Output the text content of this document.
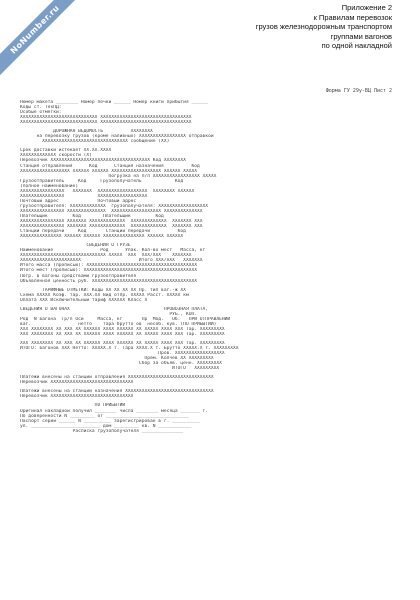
NoNumber.ru	Приложение 2
к Правилам перевозок
грузов железнодорожным транспортом
группами вагонов
по одной накладной
Форма ГУ 29у-ВЦ Лист 2
Номер макета ________ Номер печки ______ Номер книги прибытия ______
Коды ст. ТехПД:
Особые отметки:
ХХХХХХХХХХХХХХХХХХХХХХХХХХХХ ХХХХХХХХХХХХХХХХХХХХХХХХХХХХХХХХХ
ХХХХХХХХХХХХХХХХХХХХХХХХХХХХ ХХХХХХХХХХХХХХХХХХХХХХХХХХХХХХХХХ
ДОРОЖНАЯ ВЕДОМОСТЬ          ХХХХХХХХ
на перевозку грузов (кроме наливных) ХХХХХХХХХХХХХХХХХ отправкой
ХХХХХХХХХХХХХХХХХХХХХХХХХХХХХХХ сообщение (ХХ)
Срок доставки истекает ХХ.ХХ.ХХХХ
ХХХХХХХХХХХХХ скорости (Х)
Перевозчик ХХХХХХХХХХХХХХХХХХХХХХХХХХХХХХХХХХХХ Код ХХХХХХХХ
Станция отправления      Код      Станция назначения          Код
ХХХХХХХХХХХХХХХХХХ ХХХХХХ ХХХХХХ ХХХХХХХХХХХХХХХХХХ ХХХХХХ ХХХХХ
Погрузка на п/п ХХХХХХХХХХХХХХХХХ ХХХХХ
Грузоотправитель     Код     Грузополучатель            Код
(полное наименование)
ХХХХХХХХХХХХХХХХ   ХХХХХХХ  ХХХХХХХХХХХХХХХХХХ  ХХХХХХХХ ХХХХХХ
ХХХХХХХХХХХХХХХХ            ХХХХХХХХХХХХХХХХХХ
Почтовый адрес              Почтовый адрес
грузоотправителя: ХХХХХХХХХХХХХ  грузополучателя: ХХХХХХХХХХХХХХХХХХ
ХХХХХХХХХХХХХХХХ ХХХХХХХХХХХХХХ  ХХХХХХХХХХХХХХХХХХ ХХХХХХХХХХХХХХ
Плательщик         Код        Плательщик         Код
ХХХХХХХХХХХХХХХХ ХХХХХХХ ХХХХХХХХХХХХХ  ХХХХХХХХХХХХХ  ХХХХХХХ ХХХ
ХХХХХХХХХХХХХХХХ ХХХХХХХ ХХХХХХХХХХХХХ  ХХХХХХХХХХХХХ  ХХХХХХХ ХХХ
Станции передачи     Код       Станции передачи          Код
ХХХХХХХХХХХХХХХ ХХХХХХ ХХХХХХ ХХХХХХХХХХХХХХХ ХХХХХХ ХХХХХХ
СВЕДЕНИЯ О ГРУЗЕ
Наименование                 Род      Упак. Кол-во мест   Масса, кг
ХХХХХХХХХХХХХХХХХХХХХХХХХХХХХХХ ХХХХХ  ХХХ  ХХХ/ХХХ    ХХХХХХХ
ХХХХХХХХХХХХХХХХХХХХХХ                     Итого ХХХ/ХХХ   ХХХХХХХ
Итого масса (прописью): ХХХХХХХХХХХХХХХХХХХХХХХХХХХХХХХХХХХХХХХХ
Итого мест (прописью): ХХХХХХХХХХХХХХХХХХХХХХХХХХХХХХХХХХХХХХХХХ
Погр. в вагоны средствами грузоотправителя
Объявленная ценность руб. ХХХХХХХХХХХХХХХХХХХХХХХХХХХХХХХХХХХХХХ
ТАРИФНЫЕ ОТМЕТКИ: Коды ХХ ХХ ХХ ХХ Пр. тип ваг.-ж ХХ
Схема ХХХХХ Коэф. тар. ХХХ.ХХ Вид отпр. ХХХХХ Расст. ХХХХХ км
Оплата ХХХ Исключительный тариф ХХХХХХ Класс Х
СВЕДЕНИЯ О ВАГОНАХ                                  ПРОВОЗНАЯ ПЛАТА,
РУБ., КОП.
Род  N вагона  Гр/п Оси     Масса, кг       Пр  Мод.   Об.   ПРИ ОТПРАВЛЕНИИ
ваг.                 нетто    тара брутто ов  несоб. кув. (ПО ПРИБЫТИИ)
ХХХ ХХХХХХХХ ХХ ХХХ ХХ ХХХХХХ ХХХХ ХХХХХХ ХХ ХХХХХ ХХХХ ХХХ Тар. ХХХХХХХХХ
ХХХ ХХХХХХХХ ХХ ХХХ ХХ ХХХХХХ ХХХХ ХХХХХХ ХХ ХХХХХ ХХХХ ХХХ Тар. ХХХХХХХХХ
ХХХ ХХХХХХХХ ХХ ХХХ ХХ ХХХХХХ ХХХХ ХХХХХХ ХХ ХХХХХ ХХХХ ХХХ Тар. ХХХХХХХХХ
ИТОГО: вагонов ХХХ Нетто: ХХХХХ.Х т. Тара ХХХХ.Х т. Брутто ХХХХХ.Х т. ХХХХХХХХХ
Пров. ХХХХХХХХХХХХХХХХХХ
Прем. Колчев ХХ ХХХХХХХХХ
Сбор за объяв. ценн. ХХХХХХХХХ
ИТОГО   ХХХХХХХХХ
Платежи внесены на станции отправления ХХХХХХХХХХХХХХХХХХХХХХХХХХХХХХХ
Перевозчик ХХХХХХХХХХХХХХХХХХХХХХХХХХХХХХ
Платежи внесены на станции назначения ХХХХХХХХХХХХХХХХХХХХХХХХХХХХХХХХ
Перевозчик ХХХХХХХХХХХХХХХХХХХХХХХХХХХХХХ
ПО ПРИБЫТИИ
Оригинал накладной получил ________ числа ________ месяца _______ г.
По доверенности N _________ от ______________________________
Паспорт серии ______ N __________ зарегистрирован в г. __________
ул. _________________________ дом _________ кв. N ____________
Расписка грузополучателя _______________
